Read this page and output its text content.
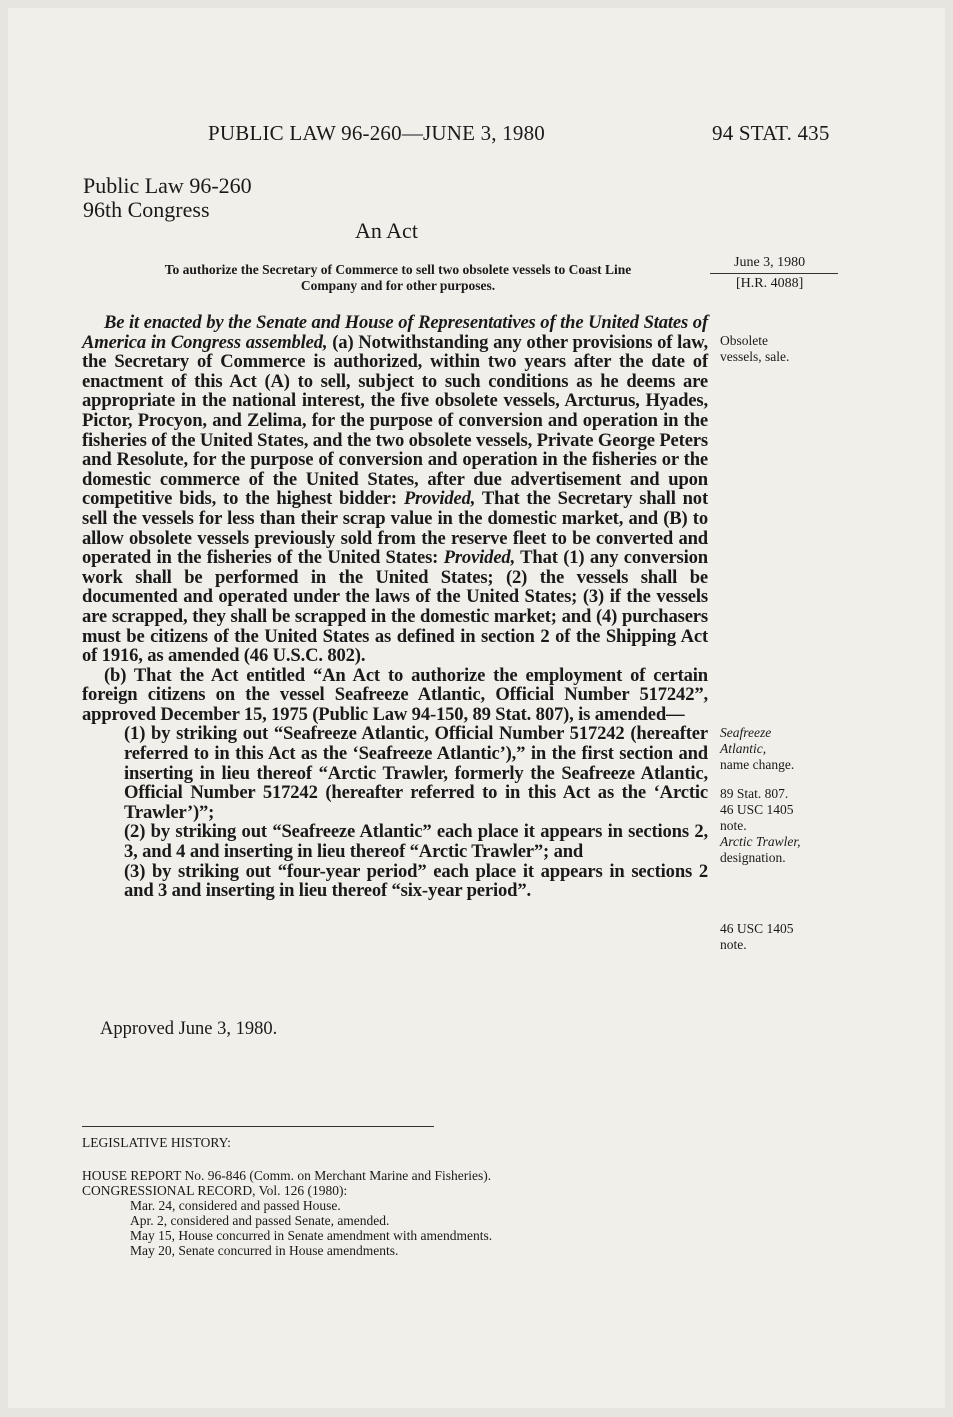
PUBLIC LAW 96-260—JUNE 3, 1980	94 STAT. 435
Public Law 96-260
96th Congress
An Act
To authorize the Secretary of Commerce to sell two obsolete vessels to Coast Line
Company and for other purposes.
June 3, 1980
[H.R. 4088]
Obsolete
vessels, sale.
Seafreeze
Atlantic,
name change.
89 Stat. 807.
46 USC 1405
note.
Arctic Trawler,
designation.
46 USC 1405
note.

Be it enacted by the Senate and House of Representatives of the United States of America in Congress assembled, (a) Notwithstanding any other provisions of law, the Secretary of Commerce is authorized, within two years after the date of enactment of this Act (A) to sell, subject to such conditions as he deems are appropriate in the national interest, the five obsolete vessels, Arcturus, Hyades, Pictor, Procyon, and Zelima, for the purpose of conversion and operation in the fisheries of the United States, and the two obsolete vessels, Private George Peters and Resolute, for the purpose of conversion and operation in the fisheries or the domestic commerce of the United States, after due advertisement and upon competitive bids, to the highest bidder: Provided, That the Secretary shall not sell the vessels for less than their scrap value in the domestic market, and (B) to allow obsolete vessels previously sold from the reserve fleet to be converted and operated in the fisheries of the United States: Provided, That (1) any conversion work shall be performed in the United States; (2) the vessels shall be documented and operated under the laws of the United States; (3) if the vessels are scrapped, they shall be scrapped in the domestic market; and (4) purchasers must be citizens of the United States as defined in section 2 of the Shipping Act of 1916, as amended (46 U.S.C. 802).

(b) That the Act entitled “An Act to authorize the employment of certain foreign citizens on the vessel Seafreeze Atlantic, Official Number 517242”, approved December 15, 1975 (Public Law 94-150, 89 Stat. 807), is amended—

(1) by striking out “Seafreeze Atlantic, Official Number 517242 (hereafter referred to in this Act as the ‘Seafreeze Atlantic’),” in the first section and inserting in lieu thereof “Arctic Trawler, formerly the Seafreeze Atlantic, Official Number 517242 (hereafter referred to in this Act as the ‘Arctic Trawler’)”;

(2) by striking out “Seafreeze Atlantic” each place it appears in sections 2, 3, and 4 and inserting in lieu thereof “Arctic Trawler”; and

(3) by striking out “four-year period” each place it appears in sections 2 and 3 and inserting in lieu thereof “six-year period”.

Approved June 3, 1980.
LEGISLATIVE HISTORY:
HOUSE REPORT No. 96-846 (Comm. on Merchant Marine and Fisheries).
CONGRESSIONAL RECORD, Vol. 126 (1980):
Mar. 24, considered and passed House.
Apr. 2, considered and passed Senate, amended.
May 15, House concurred in Senate amendment with amendments.
May 20, Senate concurred in House amendments.
